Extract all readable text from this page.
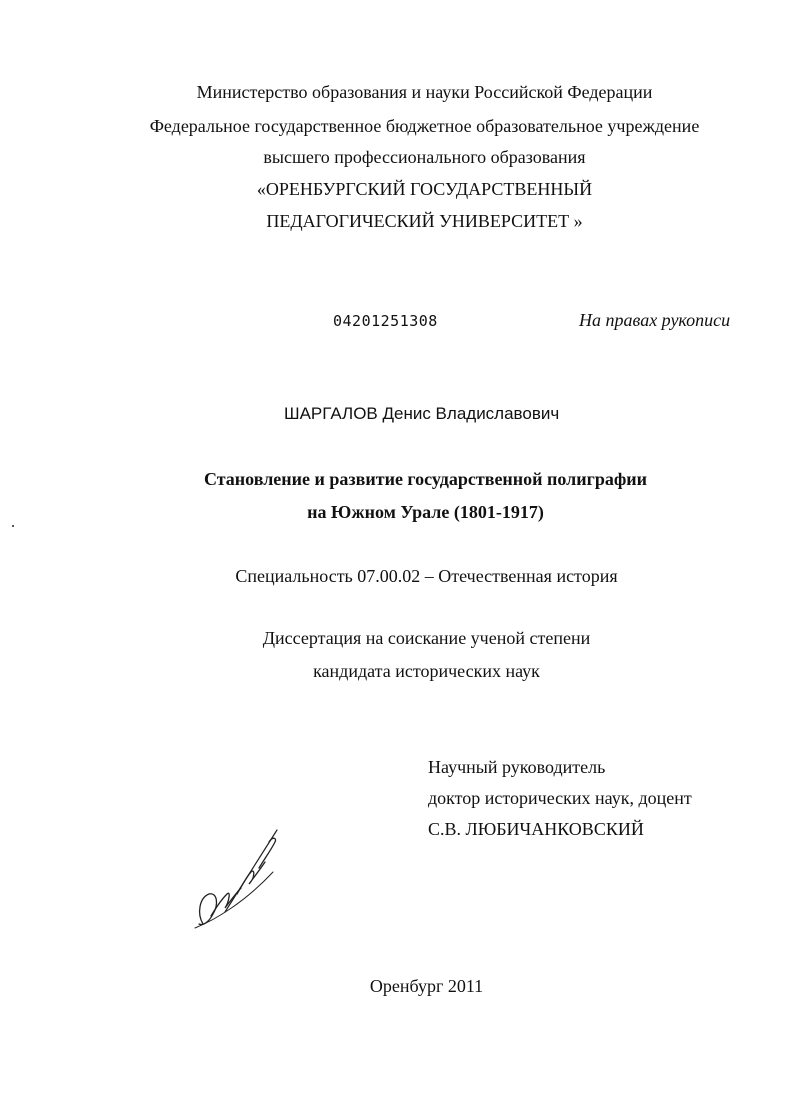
Министерство образования и науки Российской Федерации
Федеральное государственное бюджетное образовательное учреждение
высшего профессионального образования
«ОРЕНБУРГСКИЙ ГОСУДАРСТВЕННЫЙ
ПЕДАГОГИЧЕСКИЙ УНИВЕРСИТЕТ »
04201251308	На правах рукописи
ШАРГАЛОВ Денис Владиславович
Становление и развитие государственной полиграфии
на Южном Урале (1801-1917)
Специальность 07.00.02 – Отечественная история
Диссертация на соискание ученой степени
кандидата исторических наук
Научный руководитель
доктор исторических наук, доцент
С.В. ЛЮБИЧАНКОВСКИЙ
Оренбург 2011
